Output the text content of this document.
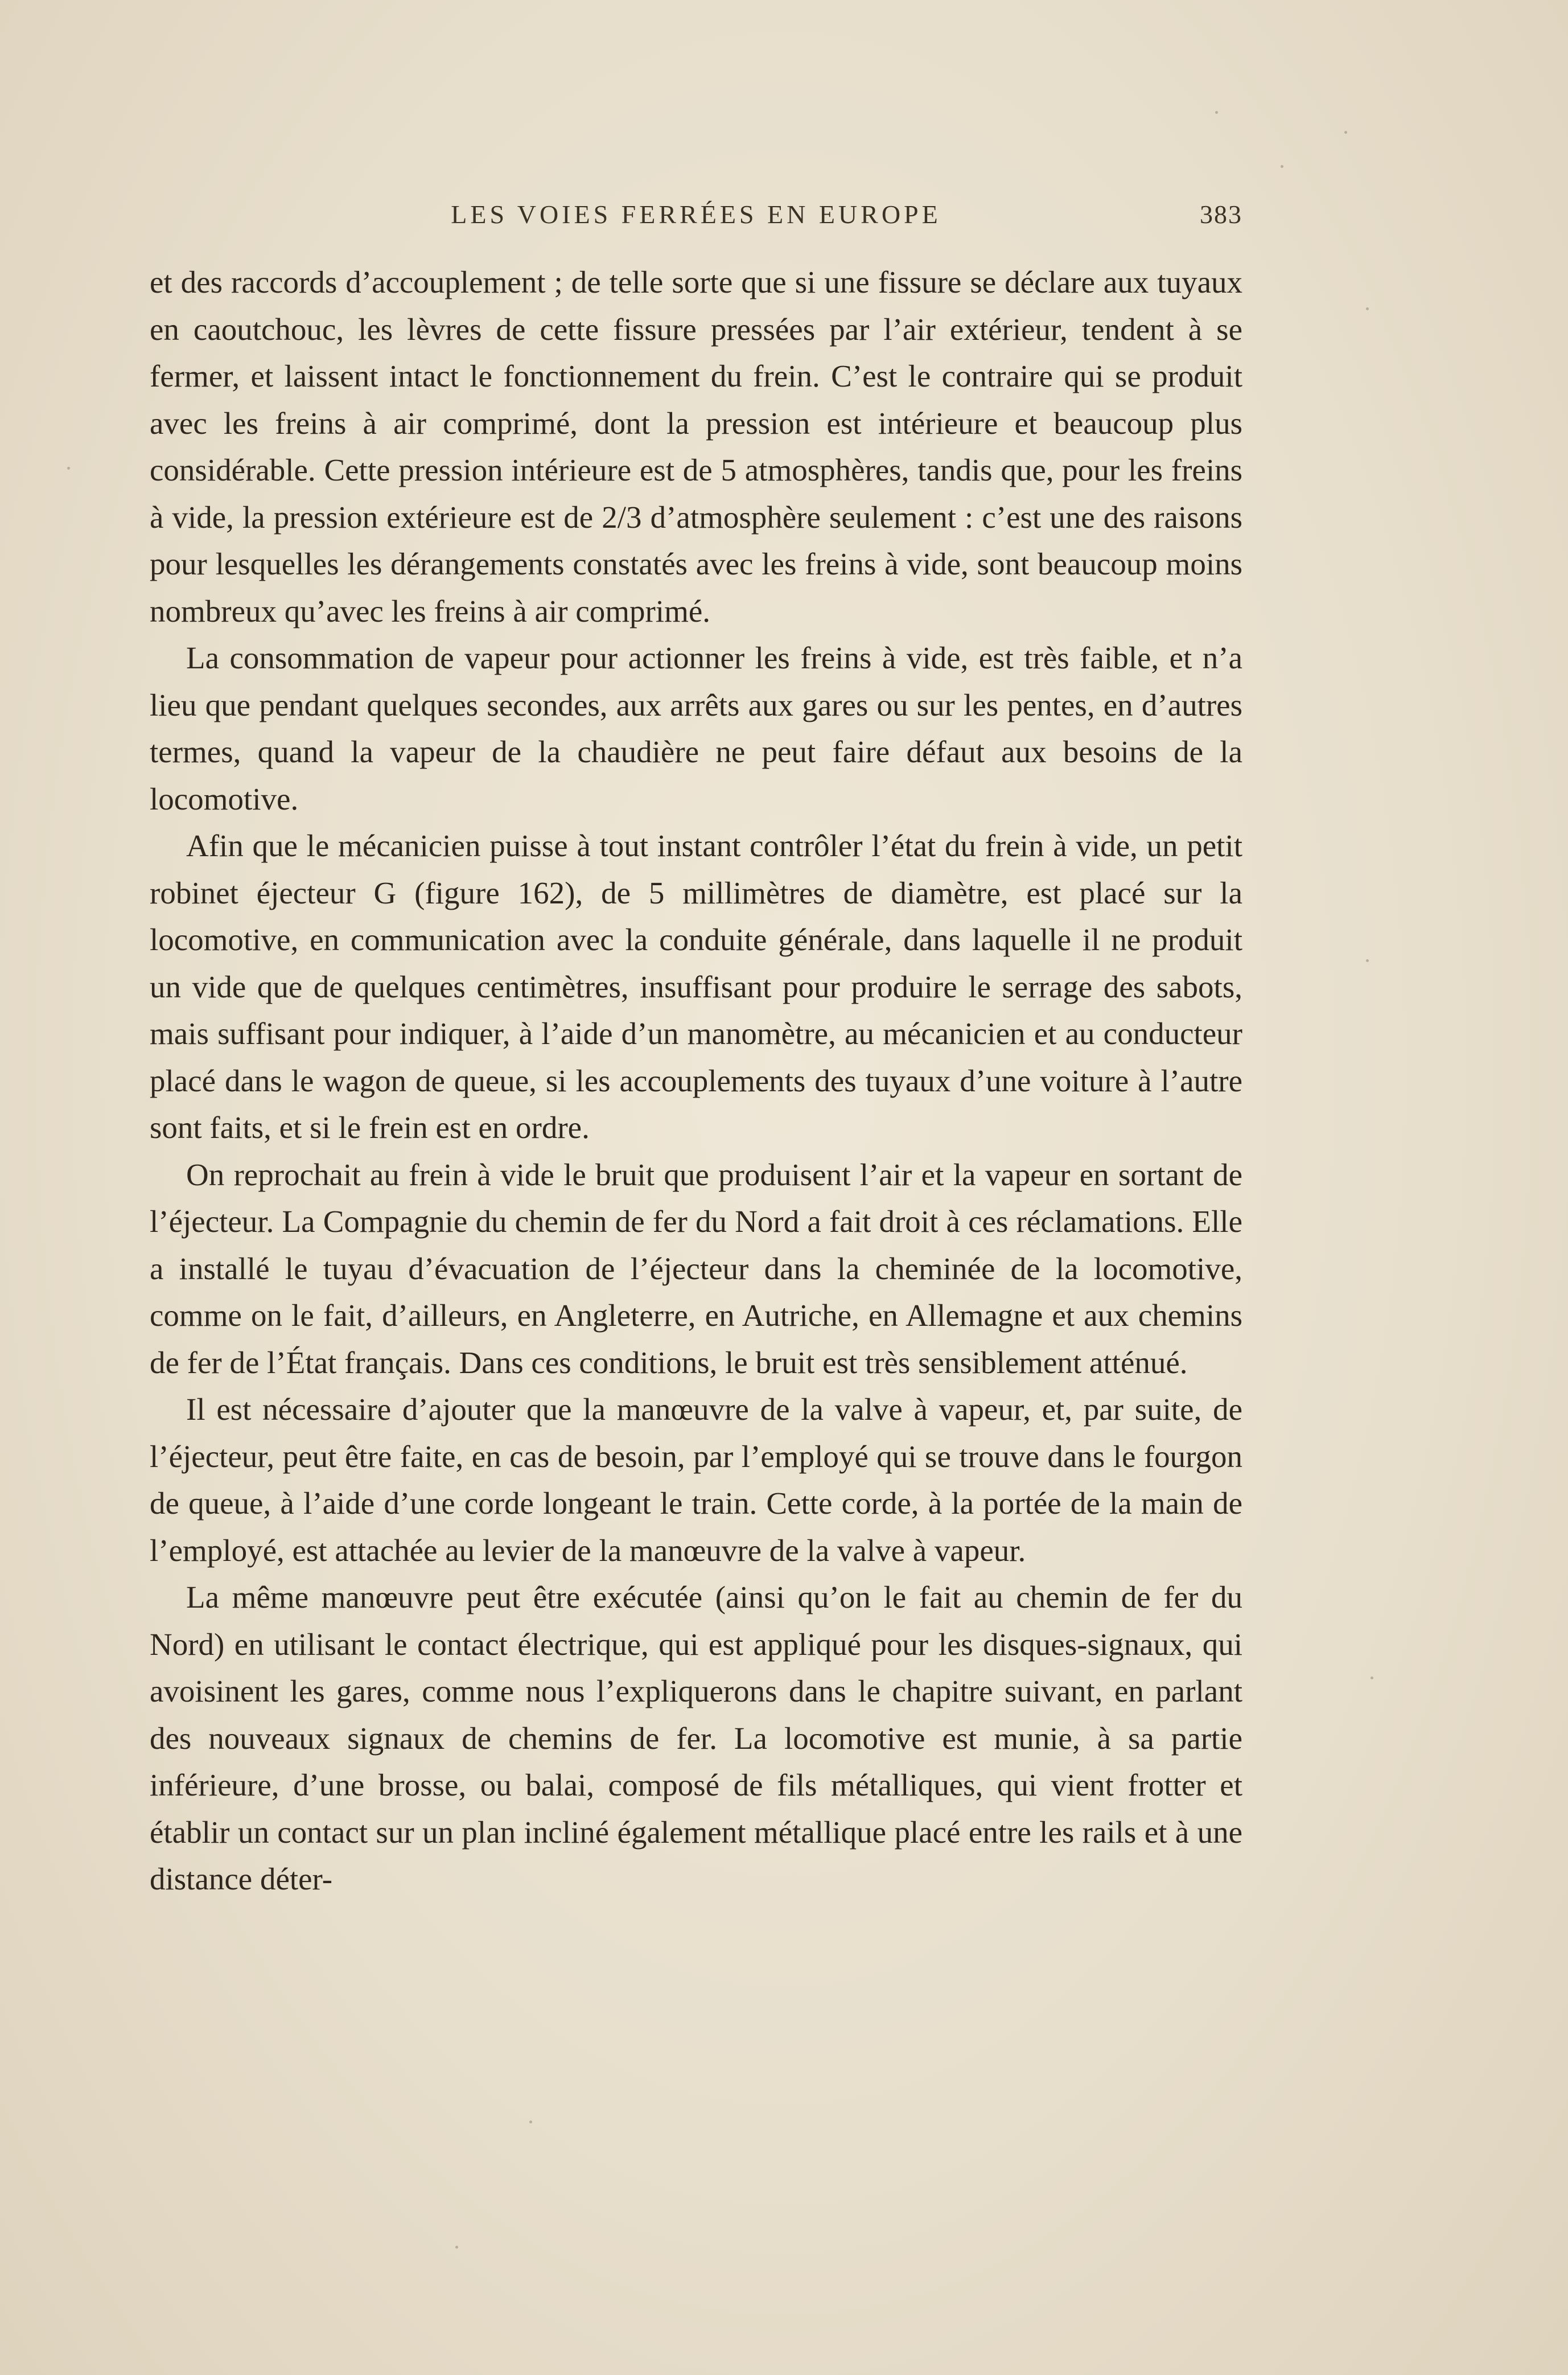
LES VOIES FERRÉES EN EUROPE	383

et des raccords d’accouplement ; de telle sorte que si une fissure se déclare aux tuyaux en caoutchouc, les lèvres de cette fissure pressées par l’air extérieur, tendent à se fermer, et laissent intact le fonctionnement du frein. C’est le contraire qui se produit avec les freins à air comprimé, dont la pression est intérieure et beaucoup plus considérable. Cette pression intérieure est de 5 atmosphères, tandis que, pour les freins à vide, la pression extérieure est de 2/3 d’atmosphère seulement : c’est une des raisons pour lesquelles les dérangements constatés avec les freins à vide, sont beaucoup moins nombreux qu’avec les freins à air comprimé.

La consommation de vapeur pour actionner les freins à vide, est très faible, et n’a lieu que pendant quelques secondes, aux arrêts aux gares ou sur les pentes, en d’autres termes, quand la vapeur de la chaudière ne peut faire défaut aux besoins de la locomotive.

Afin que le mécanicien puisse à tout instant contrôler l’état du frein à vide, un petit robinet éjecteur G (figure 162), de 5 millimètres de diamètre, est placé sur la locomotive, en communication avec la conduite générale, dans laquelle il ne produit un vide que de quelques centimètres, insuffisant pour produire le serrage des sabots, mais suffisant pour indiquer, à l’aide d’un manomètre, au mécanicien et au conducteur placé dans le wagon de queue, si les accouplements des tuyaux d’une voiture à l’autre sont faits, et si le frein est en ordre.

On reprochait au frein à vide le bruit que produisent l’air et la vapeur en sortant de l’éjecteur. La Compagnie du chemin de fer du Nord a fait droit à ces réclamations. Elle a installé le tuyau d’évacuation de l’éjecteur dans la cheminée de la locomotive, comme on le fait, d’ailleurs, en Angleterre, en Autriche, en Allemagne et aux chemins de fer de l’État français. Dans ces conditions, le bruit est très sensiblement atténué.

Il est nécessaire d’ajouter que la manœuvre de la valve à vapeur, et, par suite, de l’éjecteur, peut être faite, en cas de besoin, par l’employé qui se trouve dans le fourgon de queue, à l’aide d’une corde longeant le train. Cette corde, à la portée de la main de l’employé, est attachée au levier de la manœuvre de la valve à vapeur.

La même manœuvre peut être exécutée (ainsi qu’on le fait au chemin de fer du Nord) en utilisant le contact électrique, qui est appliqué pour les disques-signaux, qui avoisinent les gares, comme nous l’expliquerons dans le chapitre suivant, en parlant des nouveaux signaux de chemins de fer. La locomotive est munie, à sa partie inférieure, d’une brosse, ou balai, composé de fils métalliques, qui vient frotter et établir un contact sur un plan incliné également métallique placé entre les rails et à une distance déter-
